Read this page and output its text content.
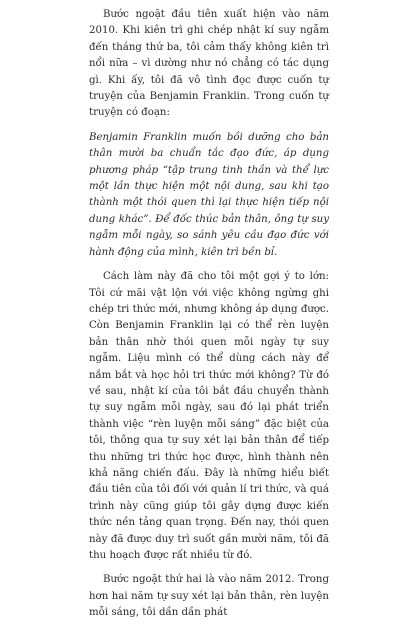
Bước ngoặt đầu tiên xuất hiện vào năm 2010. Khi kiên trì ghi chép nhật kí suy ngẫm đến tháng thứ ba, tôi cảm thấy không kiên trì nổi nữa – vì dường như nó chẳng có tác dụng gì. Khi ấy, tôi đã vô tình đọc được cuốn tự truyện của Benjamin Franklin. Trong cuốn tự truyện có đoạn:

Benjamin Franklin muốn bồi dưỡng cho bản thân mười ba chuẩn tắc đạo đức, áp dụng phương pháp “tập trung tinh thần và thể lực một lần thực hiện một nội dung, sau khi tạo thành một thói quen thì lại thực hiện tiếp nội dung khác”. Để đốc thúc bản thân, ông tự suy ngẫm mỗi ngày, so sánh yêu cầu đạo đức với hành động của mình, kiên trì bền bỉ.

Cách làm này đã cho tôi một gợi ý to lớn: Tôi cứ mãi vật lộn với việc không ngừng ghi chép tri thức mới, nhưng không áp dụng được. Còn Benjamin Franklin lại có thể rèn luyện bản thân nhờ thói quen mỗi ngày tự suy ngẫm. Liệu mình có thể dùng cách này để nắm bắt và học hỏi tri thức mới không? Từ đó về sau, nhật kí của tôi bắt đầu chuyển thành tự suy ngẫm mỗi ngày, sau đó lại phát triển thành việc “rèn luyện mỗi sáng” đặc biệt của tôi, thông qua tự suy xét lại bản thân để tiếp thu những tri thức học được, hình thành nên khả năng chiến đấu. Đây là những hiểu biết đầu tiên của tôi đối với quản lí tri thức, và quá trình này cũng giúp tôi gây dựng được kiến thức nền tảng quan trọng. Đến nay, thói quen này đã được duy trì suốt gần mười năm, tôi đã thu hoạch được rất nhiều từ đó.

Bước ngoặt thứ hai là vào năm 2012. Trong hơn hai năm tự suy xét lại bản thân, rèn luyện mỗi sáng, tôi dần dần phát
